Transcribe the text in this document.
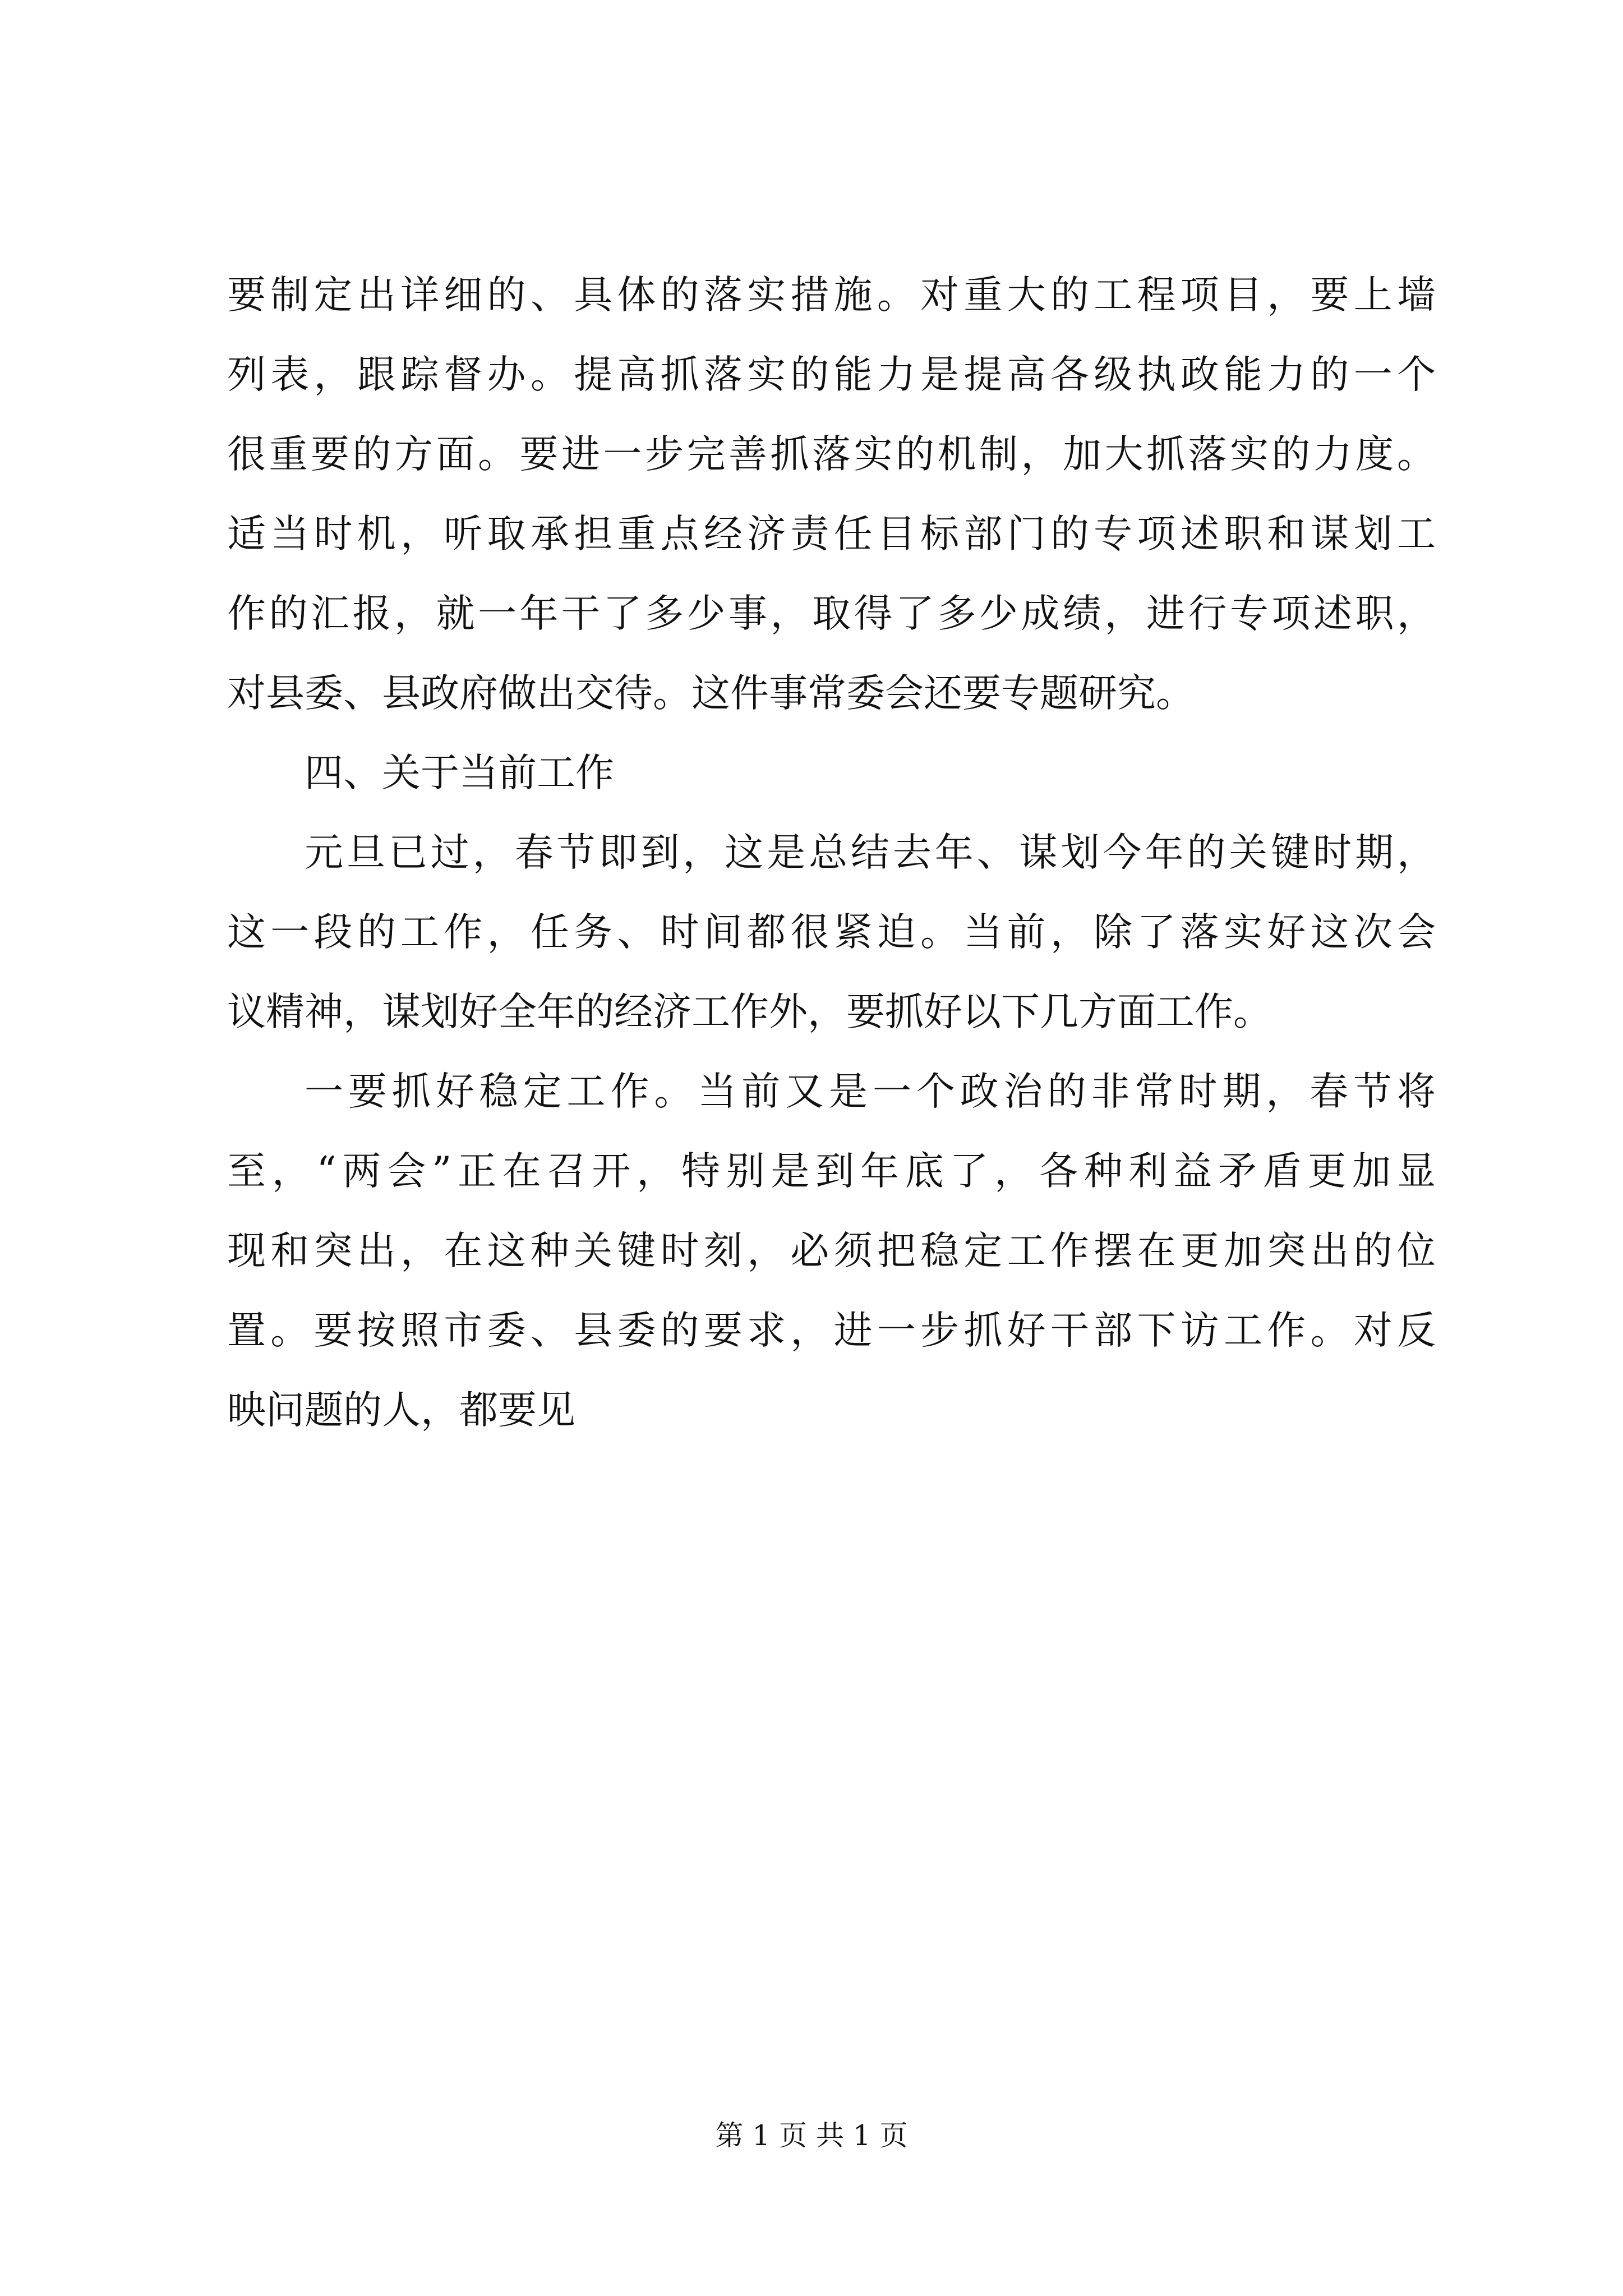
要制定出详细的、具体的落实措施。对重大的工程项目，要上墙
列表，跟踪督办。提高抓落实的能力是提高各级执政能力的一个
很重要的方面。要进一步完善抓落实的机制，加大抓落实的力度。
适当时机，听取承担重点经济责任目标部门的专项述职和谋划工
作的汇报，就一年干了多少事，取得了多少成绩，进行专项述职，
对县委、县政府做出交待。这件事常委会还要专题研究。
四、关于当前工作
元旦已过，春节即到，这是总结去年、谋划今年的关键时期，
这一段的工作，任务、时间都很紧迫。当前，除了落实好这次会
议精神，谋划好全年的经济工作外，要抓好以下几方面工作。
一要抓好稳定工作。当前又是一个政治的非常时期，春节将
至，“两会”正在召开，特别是到年底了，各种利益矛盾更加显
现和突出，在这种关键时刻，必须把稳定工作摆在更加突出的位
置。要按照市委、县委的要求，进一步抓好干部下访工作。对反
映问题的人，都要见
第 1 页 共 1 页
